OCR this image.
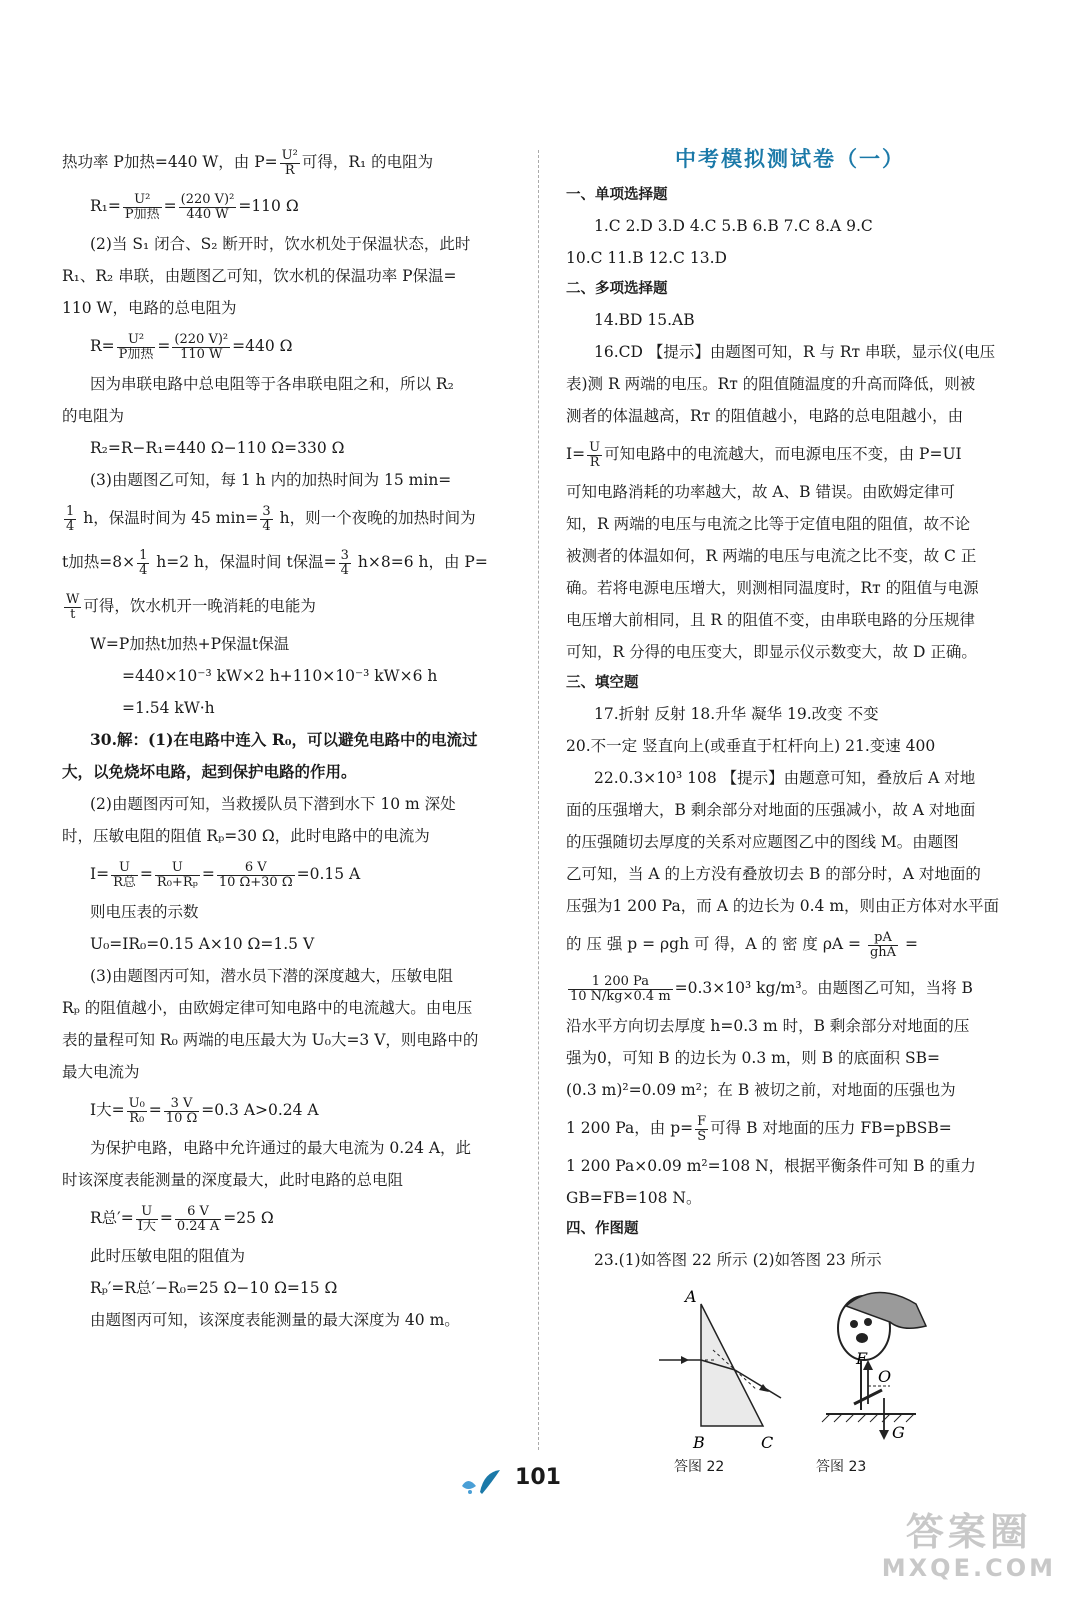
热功率 P加热=440 W，由 $P= \frac{\text{U²}}{R}$ 可得，R₁ 的电阻为
$R_1= \frac{\text{U²}}{\text{P加热}} = \frac{\text{(220 V)²}}{440 W} =110$ Ω
(2)当 S₁ 闭合、S₂ 断开时，饮水机处于保温状态，此时
R₁、R₂ 串联，由题图乙可知，饮水机的保温功率 P保温=
110 W，电路的总电阻为
$R= \frac{\text{U²}}{\text{P加热}} = \frac{\text{(220 V)²}}{110 W} =440$ Ω
因为串联电路中总电阻等于各串联电阻之和，所以 R₂
的电阻为
R₂=R−R₁=440 Ω−110 Ω=330 Ω
(3)由题图乙可知，每 1 h 内的加热时间为 15 min=
$\frac{1}{4}$ h，保温时间为 45 $\min= \frac{3}{4}$ h，则一个夜晚的加热时间为
t加热$=8\times \frac{1}{4} h=2$ h，保温时间 t保温= $\frac{3}{4} h\times 8=6$ h，由 P=
$\frac{W}{t}$ 可得，饮水机开一晚消耗的电能为
W=P加热t加热+P保温t保温
=440×10⁻³ kW×2 h+110×10⁻³ kW×6 h
=1.54 kW·h
30.解：(1)在电路中连入 R₀，可以避免电路中的电流过
大，以免烧坏电路，起到保护电路的作用。
(2)由题图丙可知，当救援队员下潜到水下 10 m 深处
时，压敏电阻的阻值 Rₚ=30 Ω，此时电路中的电流为
$I= \frac{U}{\text{R总}} = \frac{U}{\text{R₀+Rₚ}} = \frac{6 V}{10 \Omega+30 \Omega} =0.15$ A
则电压表的示数
U₀=IR₀=0.15 A×10 Ω=1.5 V
(3)由题图丙可知，潜水员下潜的深度越大，压敏电阻
Rₚ 的阻值越小，由欧姆定律可知电路中的电流越大。由电压
表的量程可知 R₀ 两端的电压最大为 U₀大=3 V，则电路中的
最大电流为
I大= $\frac{\text{U₀}}{\text{R₀}} = \frac{3 V}{10 \Omega} =0.3$ A>0.24 A
为保护电路，电路中允许通过的最大电流为 0.24 A，此
时该深度表能测量的深度最大，此时电路的总电阻
R总′= $\frac{U}{\text{I大}} = \frac{6 V}{0.24 A} =25$ Ω
此时压敏电阻的阻值为
Rₚ′=R总′−R₀=25 Ω−10 Ω=15 Ω
由题图丙可知，该深度表能测量的最大深度为 40 m。
中考模拟测试卷（一）
一、单项选择题
1.C 2.D 3.D 4.C 5.B 6.B 7.C 8.A 9.C
10.C 11.B 12.C 13.D
二、多项选择题
14.BD 15.AB
16.CD 【提示】由题图可知，R 与 Rᴛ 串联，显示仪(电压
表)测 R 两端的电压。Rᴛ 的阻值随温度的升高而降低，则被
测者的体温越高，Rᴛ 的阻值越小，电路的总电阻越小，由
$I= \frac{U}{R}$ 可知电路中的电流越大，而电源电压不变，由 P=UI
可知电路消耗的功率越大，故 A、B 错误。由欧姆定律可
知，R 两端的电压与电流之比等于定值电阻的阻值，故不论
被测者的体温如何，R 两端的电压与电流之比不变，故 C 正
确。若将电源电压增大，则测相同温度时，Rᴛ 的阻值与电源
电压增大前相同，且 R 的阻值不变，由串联电路的分压规律
可知，R 分得的电压变大，即显示仪示数变大，故 D 正确。
三、填空题
17.折射 反射 18.升华 凝华 19.改变 不变
20.不一定 竖直向上(或垂直于杠杆向上) 21.变速 400
22.0.3×10³ 108 【提示】由题意可知，叠放后 A 对地
面的压强增大，B 剩余部分对地面的压强减小，故 A 对地面
的压强随切去厚度的关系对应题图乙中的图线 M。由题图
乙可知，当 A 的上方没有叠放切去 B 的部分时，A 对地面的
压强为1 200 Pa，而 A 的边长为 0.4 m，则由正方体对水平面
的 压 强 p = ρgh 可 得，A 的 密 度 $\rho A = \frac{pA}{\text{ghA}}$ =
$\frac{1 200 Pa}{10 N/kg\times 0.4 m} =0.3\times 10^3$ kg/m³。由题图乙可知，当将 B
沿水平方向切去厚度 h=0.3 m 时，B 剩余部分对地面的压
强为0，可知 B 的边长为 0.3 m，则 B 的底面积 SB=
(0.3 m)²=0.09 m²；在 B 被切之前，对地面的压强也为
1 200 Pa，由 $p= \frac{F}{S}$ 可得 B 对地面的压力 FB=pBSB=
1 200 Pa×0.09 m²=108 N，根据平衡条件可知 B 的重力
GB=FB=108 N。
四、作图题
23.(1)如答图 22 所示 (2)如答图 23 所示
A
B	C
答图 22
F
O
G
答图 23
101
答案圈
MXQE.COM
